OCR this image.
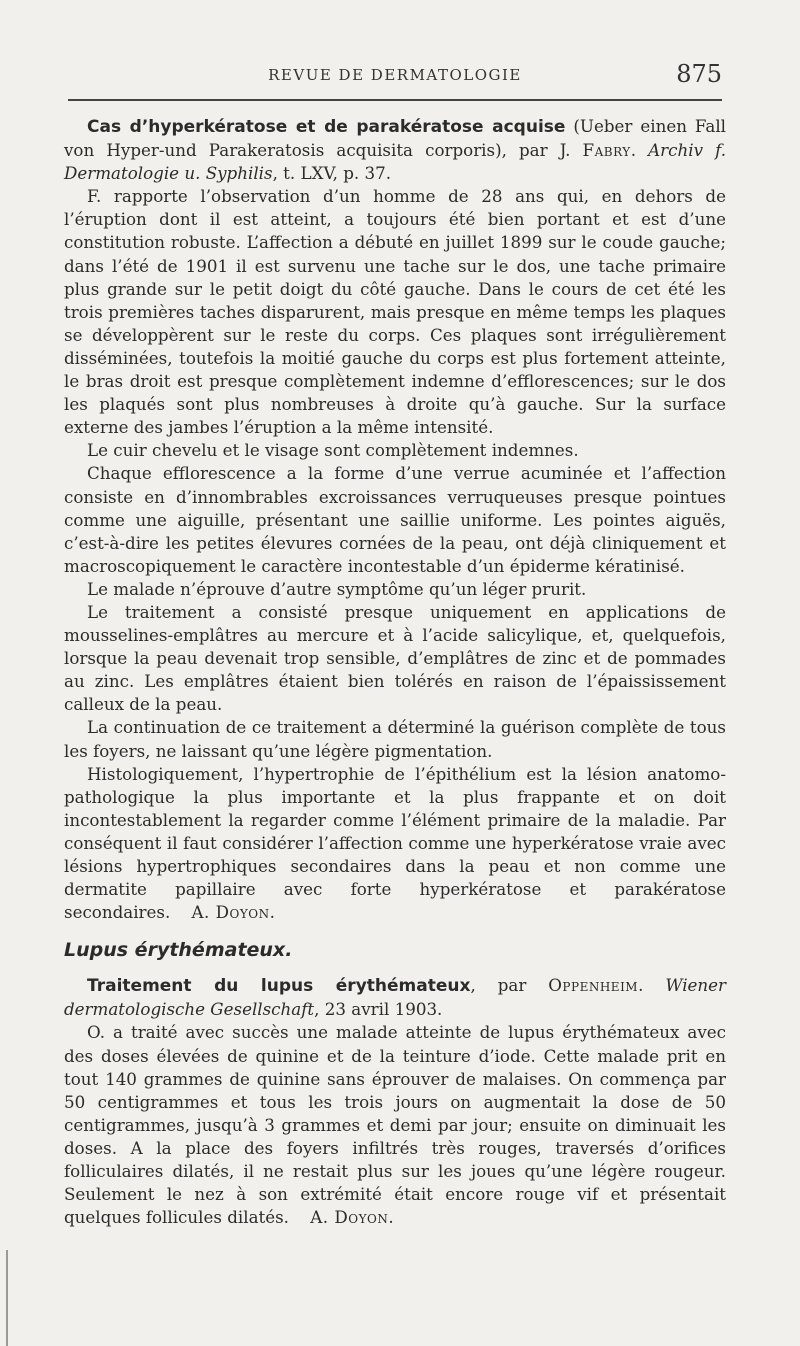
REVUE DE DERMATOLOGIE	875

Cas d’hyperkératose et de parakératose acquise (Ueber einen Fall von Hyper-und Parakeratosis acquisita corporis), par J. Fabry. Archiv f. Dermatologie u. Syphilis, t. LXV, p. 37.

F. rapporte l’observation d’un homme de 28 ans qui, en dehors de l’éruption dont il est atteint, a toujours été bien portant et est d’une constitution robuste. L’affection a débuté en juillet 1899 sur le coude gauche; dans l’été de 1901 il est survenu une tache sur le dos, une tache primaire plus grande sur le petit doigt du côté gauche. Dans le cours de cet été les trois premières taches disparurent, mais presque en même temps les plaques se développèrent sur le reste du corps. Ces plaques sont irrégulièrement disséminées, toutefois la moitié gauche du corps est plus fortement atteinte, le bras droit est presque complètement indemne d’efflorescences; sur le dos les plaqués sont plus nombreuses à droite qu’à gauche. Sur la surface externe des jambes l’éruption a la même intensité.

Le cuir chevelu et le visage sont complètement indemnes.

Chaque efflorescence a la forme d’une verrue acuminée et l’affection consiste en d’innombrables excroissances verruqueuses presque pointues comme une aiguille, présentant une saillie uniforme. Les pointes aiguës, c’est-à-dire les petites élevures cornées de la peau, ont déjà cliniquement et macroscopiquement le caractère incontestable d’un épiderme kératinisé.

Le malade n’éprouve d’autre symptôme qu’un léger prurit.

Le traitement a consisté presque uniquement en applications de mousselines-emplâtres au mercure et à l’acide salicylique, et, quelquefois, lorsque la peau devenait trop sensible, d’emplâtres de zinc et de pommades au zinc. Les emplâtres étaient bien tolérés en raison de l’épaississement calleux de la peau.

La continuation de ce traitement a déterminé la guérison complète de tous les foyers, ne laissant qu’une légère pigmentation.

Histologiquement, l’hypertrophie de l’épithélium est la lésion anatomo-pathologique la plus importante et la plus frappante et on doit incontestablement la regarder comme l’élément primaire de la maladie. Par conséquent il faut considérer l’affection comme une hyperkératose vraie avec lésions hypertrophiques secondaires dans la peau et non comme une dermatite papillaire avec forte hyperkératose et parakératose secondaires. A. Doyon.

Lupus érythémateux.

Traitement du lupus érythémateux, par Oppenheim. Wiener dermatologische Gesellschaft, 23 avril 1903.

O. a traité avec succès une malade atteinte de lupus érythémateux avec des doses élevées de quinine et de la teinture d’iode. Cette malade prit en tout 140 grammes de quinine sans éprouver de malaises. On commença par 50 centigrammes et tous les trois jours on augmentait la dose de 50 centigrammes, jusqu’à 3 grammes et demi par jour; ensuite on diminuait les doses. A la place des foyers infiltrés très rouges, traversés d’orifices folliculaires dilatés, il ne restait plus sur les joues qu’une légère rougeur. Seulement le nez à son extrémité était encore rouge vif et présentait quelques follicules dilatés. A. Doyon.
